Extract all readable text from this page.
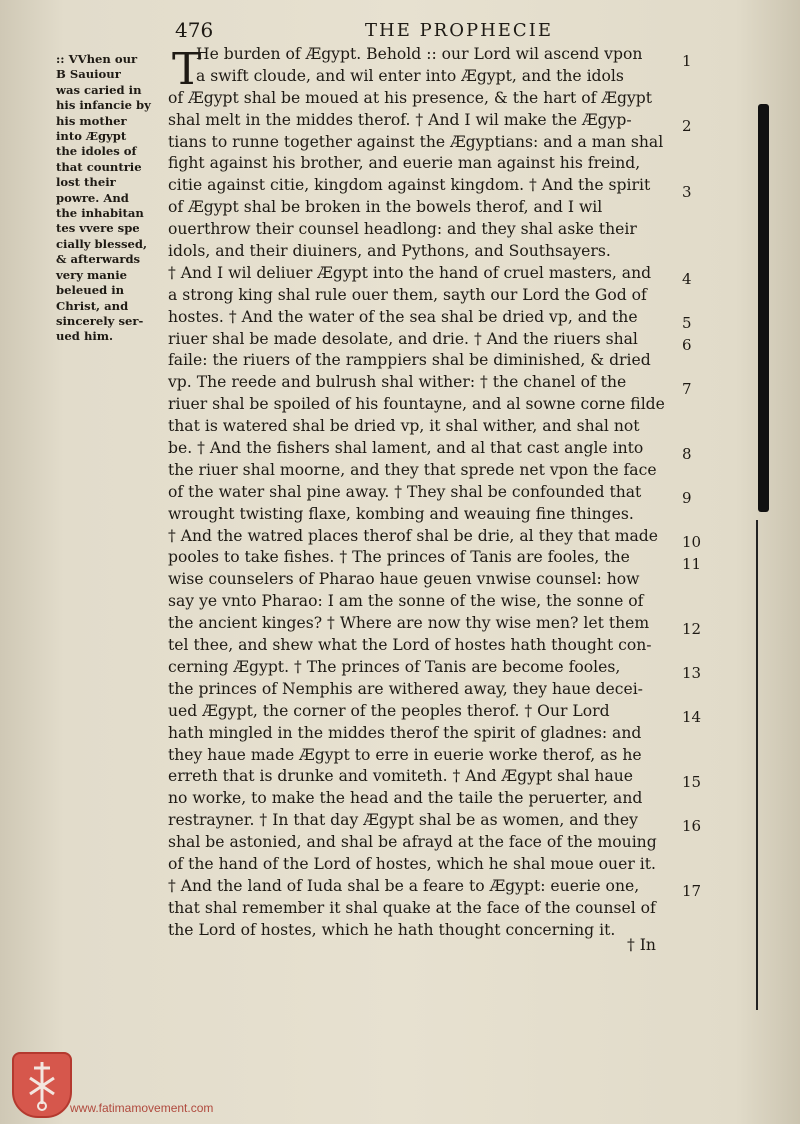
476	THE PROPHECIE
:: VVhen our
B Sauiour
was caried in
his infancie by
his mother
into Ægypt
the idoles of
that countrie
lost their
powre. And
the inhabitan
tes vvere spe
cially blessed,
& afterwards
very manie
beleued in
Christ, and
sincerely ser-
ued him.
T
He burden of Ægypt. Behold :: our Lord wil ascend vpon
a swift cloude, and wil enter into Ægypt, and the idols
of Ægypt shal be moued at his presence, & the hart of Ægypt
shal melt in the middes therof. † And I wil make the Ægyp-
tians to runne together against the Ægyptians: and a man shal
fight against his brother, and euerie man against his freind,
citie against citie, kingdom against kingdom. † And the spirit
of Ægypt shal be broken in the bowels therof, and I wil
ouerthrow their counsel headlong: and they shal aske their
idols, and their diuiners, and Pythons, and Southsayers.
† And I wil deliuer Ægypt into the hand of cruel masters, and
a strong king shal rule ouer them, sayth our Lord the God of
hostes. † And the water of the sea shal be dried vp, and the
riuer shal be made desolate, and drie. † And the riuers shal
faile: the riuers of the ramppiers shal be diminished, & dried
vp. The reede and bulrush shal wither: † the chanel of the
riuer shal be spoiled of his fountayne, and al sowne corne filde
that is watered shal be dried vp, it shal wither, and shal not
be. † And the fishers shal lament, and al that cast angle into
the riuer shal moorne, and they that sprede net vpon the face
of the water shal pine away. † They shal be confounded that
wrought twisting flaxe, kombing and weauing fine thinges.
† And the watred places therof shal be drie, al they that made
pooles to take fishes. † The princes of Tanis are fooles, the
wise counselers of Pharao haue geuen vnwise counsel: how
say ye vnto Pharao: I am the sonne of the wise, the sonne of
the ancient kinges? † Where are now thy wise men? let them
tel thee, and shew what the Lord of hostes hath thought con-
cerning Ægypt. † The princes of Tanis are become fooles,
the princes of Nemphis are withered away, they haue decei-
ued Ægypt, the corner of the peoples therof. † Our Lord
hath mingled in the middes therof the spirit of gladnes: and
they haue made Ægypt to erre in euerie worke therof, as he
erreth that is drunke and vomiteth. † And Ægypt shal haue
no worke, to make the head and the taile the peruerter, and
restrayner. † In that day Ægypt shal be as women, and they
shal be astonied, and shal be afrayd at the face of the mouing
of the hand of the Lord of hostes, which he shal moue ouer it.
† And the land of Iuda shal be a feare to Ægypt: euerie one,
that shal remember it shal quake at the face of the counsel of
the Lord of hostes, which he hath thought concerning it.
1
2
3
4
5
6
7
8
9
10
11
12
13
14
15
16
17
† In
www.fatimamovement.com
